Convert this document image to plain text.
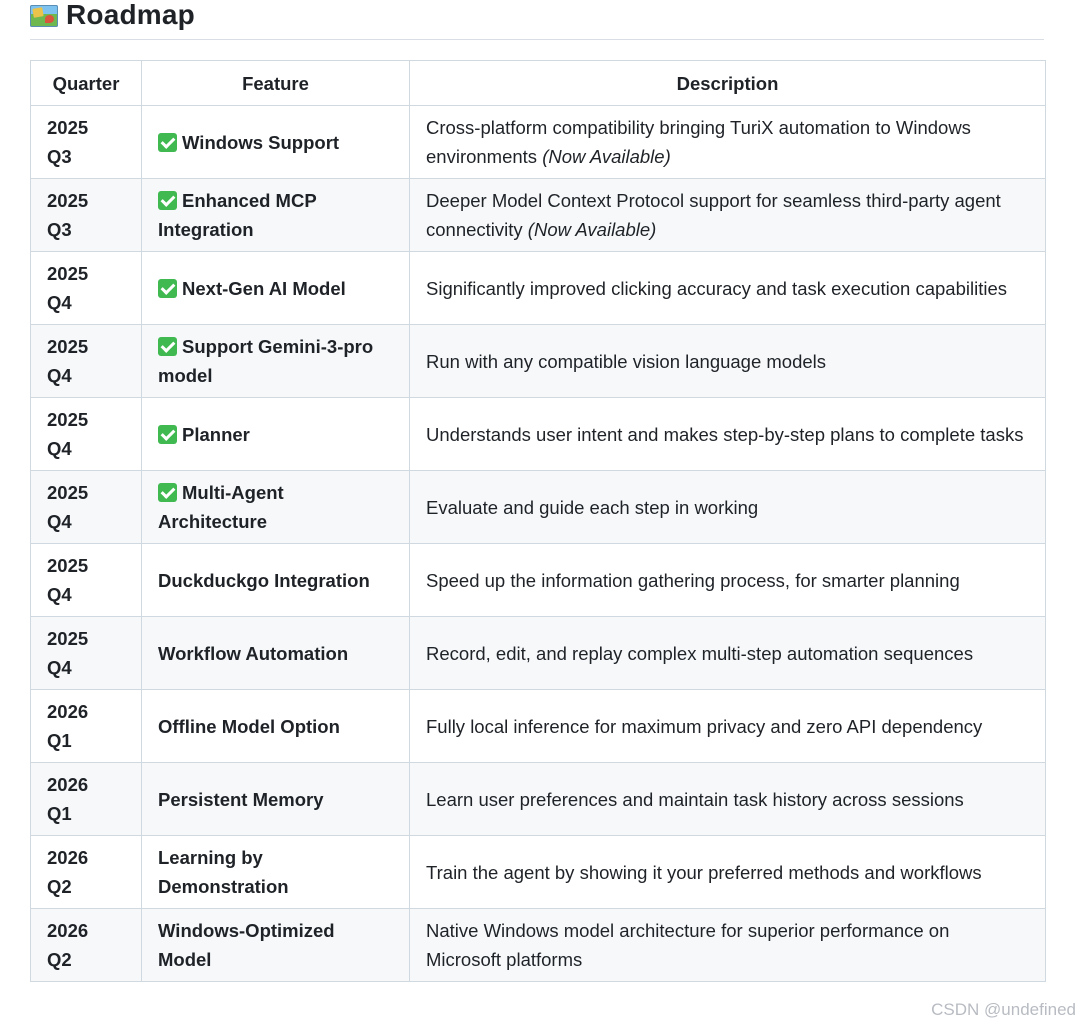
Roadmap
Quarter	Feature	Description
2025
Q3	Windows Support	Cross-platform compatibility bringing TuriX automation to Windows environments (Now Available)
2025
Q3	Enhanced MCP Integration	Deeper Model Context Protocol support for seamless third-party agent connectivity (Now Available)
2025
Q4	Next-Gen AI Model	Significantly improved clicking accuracy and task execution capabilities
2025
Q4	Support Gemini-3-pro model	Run with any compatible vision language models
2025
Q4	Planner	Understands user intent and makes step-by-step plans to complete tasks
2025
Q4	Multi-Agent Architecture	Evaluate and guide each step in working
2025
Q4	Duckduckgo Integration	Speed up the information gathering process, for smarter planning
2025
Q4	Workflow Automation	Record, edit, and replay complex multi-step automation sequences
2026
Q1	Offline Model Option	Fully local inference for maximum privacy and zero API dependency
2026
Q1	Persistent Memory	Learn user preferences and maintain task history across sessions
2026
Q2	Learning by Demonstration	Train the agent by showing it your preferred methods and workflows
2026
Q2	Windows-Optimized Model	Native Windows model architecture for superior performance on Microsoft platforms
CSDN @undefined
